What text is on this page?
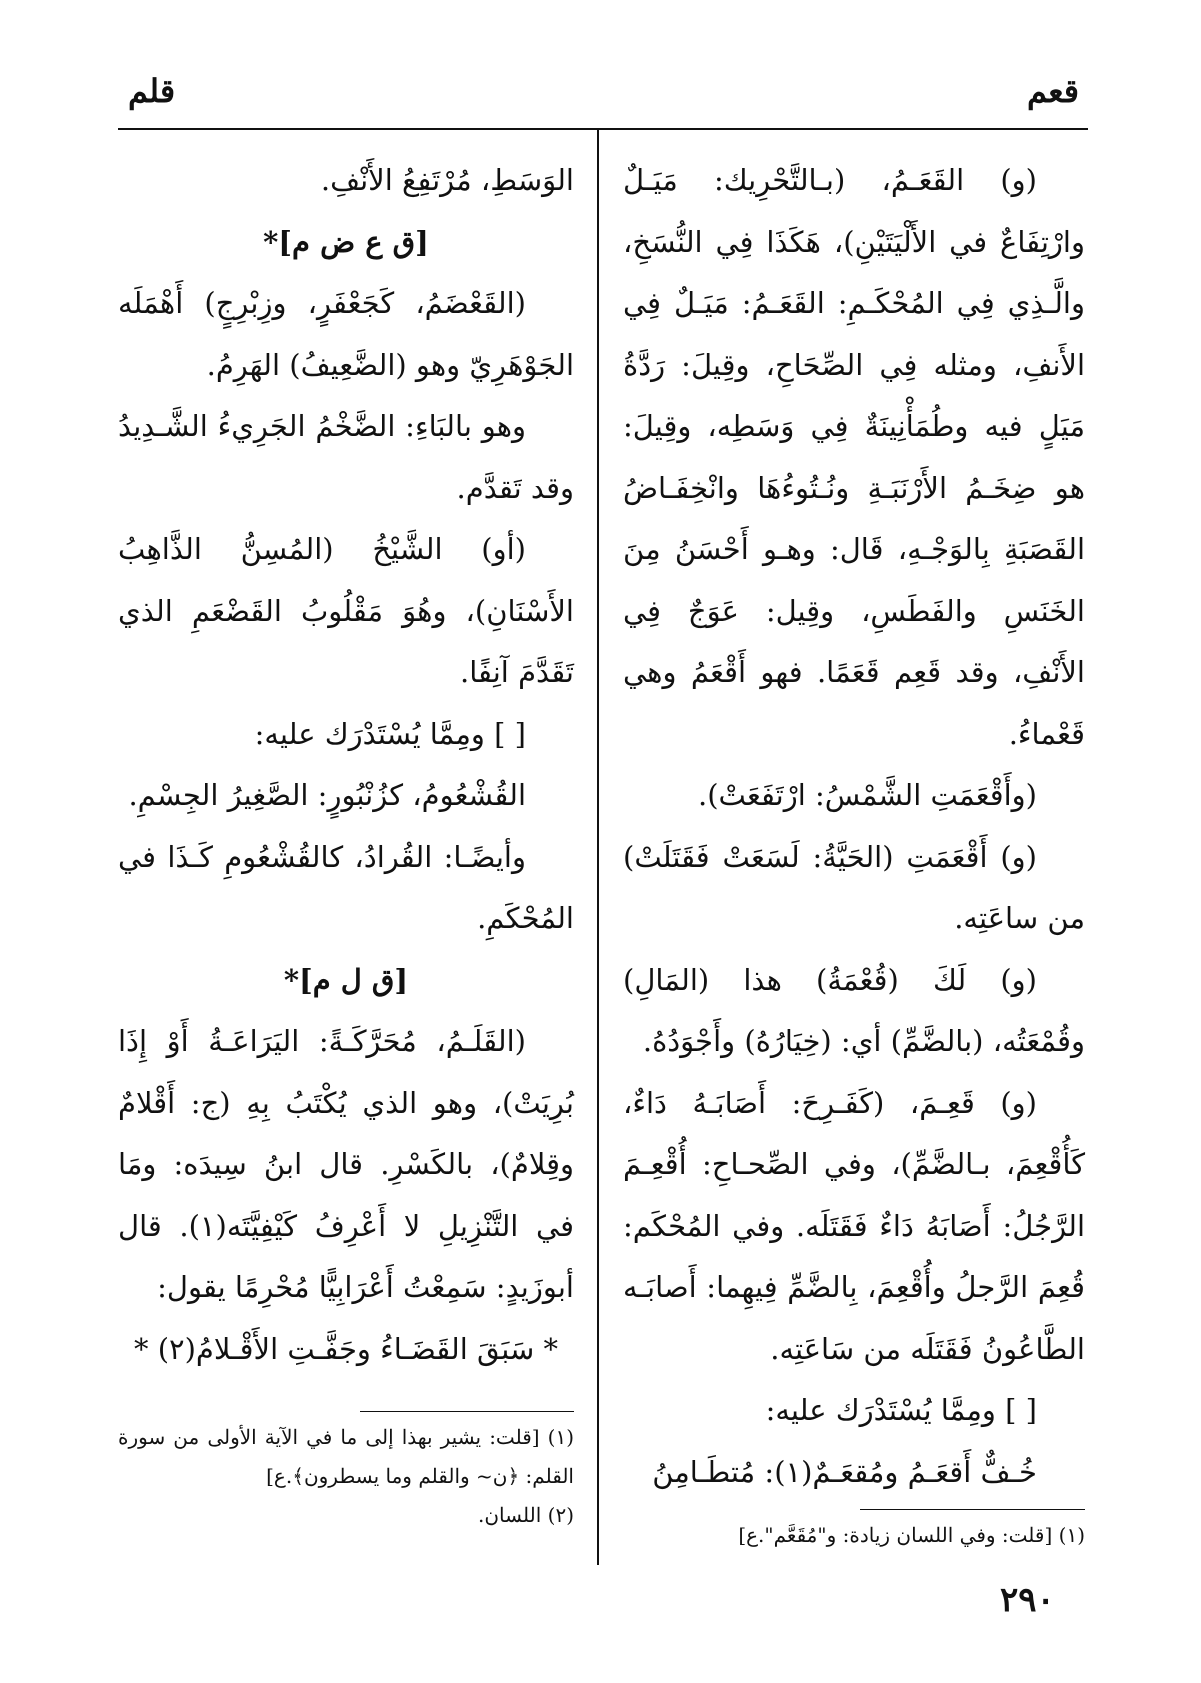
قعم
قلم

(و) القَعَـمُ، (بـالتَّحْرِيك: مَيَـلٌ وارْتِفَاعٌ في الأَلْيَتَيْنِ)، هَكَذَا فِي النُّسَخِ، والَّـذِي فِي المُحْكَـمِ: القَعَـمُ: مَيَـلٌ فِي الأَنفِ، ومثله فِي الصِّحَاحِ، وقِيلَ: رَدَّةُ مَيَلٍ فيه وطُمَأْنِينَةٌ فِي وَسَطِه، وقِيلَ: هو ضِخَـمُ الأَرْنَبَـةِ ونُـتُوءُهَا وانْخِفَـاضُ القَصَبَةِ بِالوَجْـهِ، قَال: وهـو أَحْسَنُ مِنَ الخَنَسِ والفَطَسِ، وقِيل: عَوَجٌ فِي الأَنْفِ، وقد قَعِم قَعَمًا. فهو أَقْعَمُ وهي قَعْماءُ.

(وأَقْعَمَتِ الشَّمْسُ: ارْتَفَعَتْ).

(و) أَقْعَمَتِ (الحَيَّةُ: لَسَعَتْ فَقَتَلَتْ) من ساعَتِه.

(و) لَكَ (قُعْمَةُ) هذا (المَالِ) وقُمْعَتُه، (بالضَّمِّ) أي: (خِيَارُهُ) وأَجْوَدُهُ.

(و) قَعِـمَ، (كَفَـرِحَ: أَصَابَـهُ دَاءٌ، كَأُقْعِمَ، بـالضَّمِّ)، وفي الصِّحـاحِ: أُقْعِـمَ الرَّجُلُ: أَصَابَهُ دَاءٌ فَقَتَلَه. وفي المُحْكَم: قُعِمَ الرَّجلُ وأُقْعِمَ، بِالضَّمِّ فِيهِما: أَصابَـه الطَّاعُونُ فَقَتَلَه من سَاعَتِه.

[ ] ومِمَّا يُسْتَدْرَك عليه:

خُـفٌّ أَقعَـمُ ومُقعَـمٌ(١): مُتطَـامِنُ

الوَسَطِ، مُرْتَفِعُ الأَنْفِ.

[ق ع ض م]*

(القَعْضَمُ، كَجَعْفَرٍ، وزِبْرِجٍ) أَهْمَلَه الجَوْهَرِيّ وهو (الضَّعِيفُ) الهَرِمُ.

وهو بالبَاءِ: الضَّخْمُ الجَرِيءُ الشَّـدِيدُ وقد تَقدَّم.

(أو) الشَّيْخُ (المُسِنُّ الذَّاهِبُ الأَسْنَانِ)، وهُوَ مَقْلُوبُ القَضْعَمِ الذي تَقَدَّمَ آنِفًا.

[ ] ومِمَّا يُسْتَدْرَك عليه:

القُشْعُومُ، كزُنْبُورٍ: الصَّغِيرُ الجِسْمِ.

وأيضًـا: القُرادُ، كالقُشْعُومِ كَـذَا في المُحْكَمِ.

[ق ل م]*

(القَلَـمُ، مُحَرَّكَـةً: اليَرَاعَـةُ أَوْ إِذَا بُرِيَتْ)، وهو الذي يُكْتَبُ بِهِ (ج: أَقْلامٌ وقِلامٌ)، بالكَسْرِ. قال ابنُ سِيدَه: ومَا في التَّنْزِيلِ لا أَعْرِفُ كَيْفِيَّتَه(١). قال أبوزَيدٍ: سَمِعْتُ أَعْرَابِيًّا مُحْرِمًا يقول:

* سَبَقَ القَضَـاءُ وجَفَّـتِ الأَقْـلامُ(٢) *

(١) [قلت: يشير بهذا إلى ما في الآية الأولى من سورة القلم: ﴿ن~ والقلم وما يسطرون﴾.ع]

(٢) اللسان.

(١) [قلت: وفي اللسان زيادة: و"مُقَعَّم".ع]

٢٩٠
